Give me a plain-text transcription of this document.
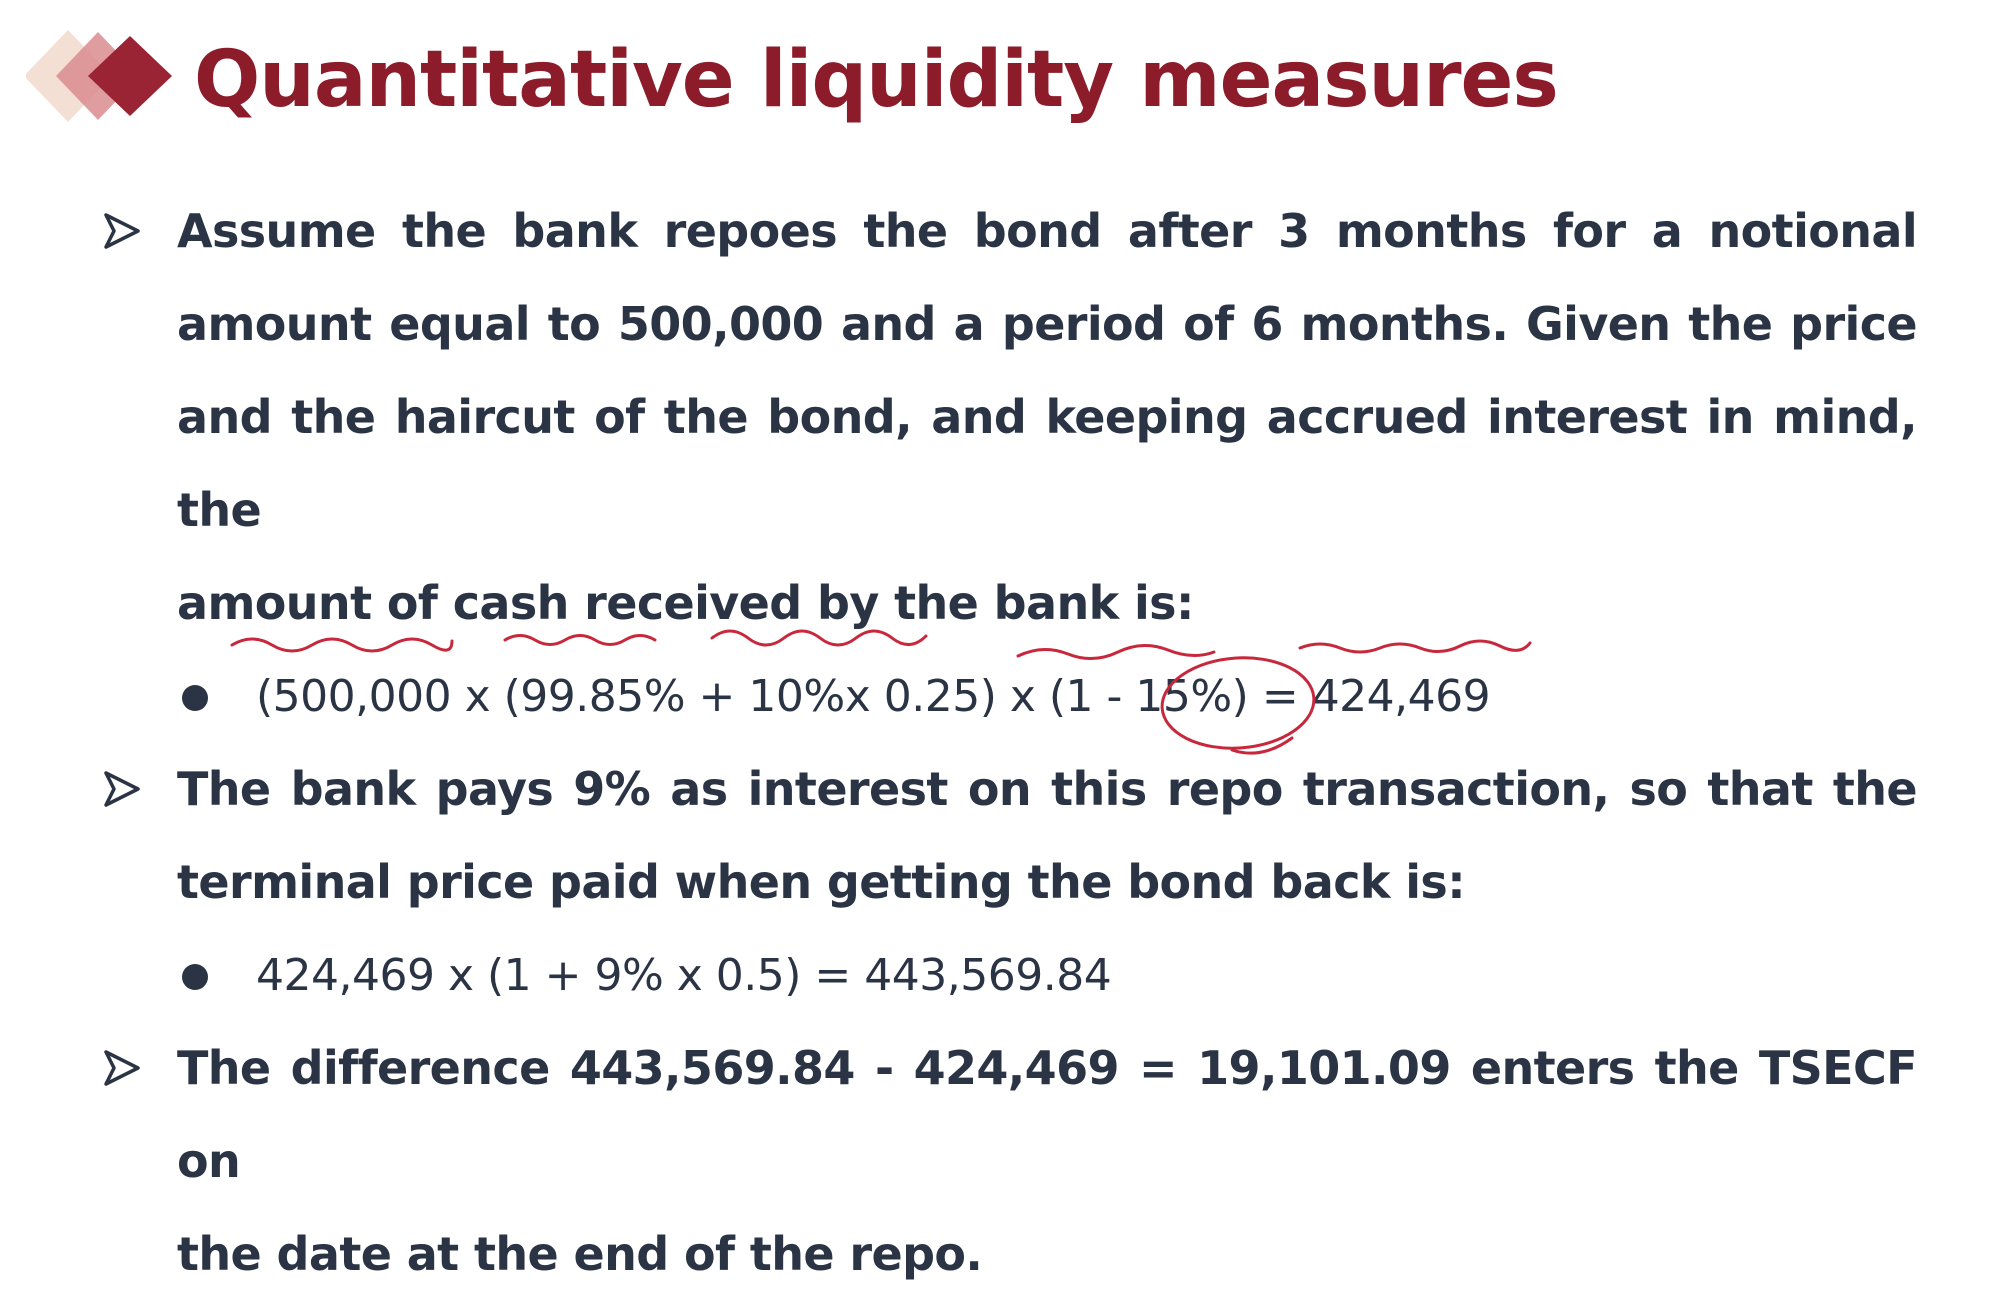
Quantitative liquidity measures
Assume the bank repoes the bond after 3 months for a notional
amount equal to 500,000 and a period of 6 months. Given the price
and the haircut of the bond, and keeping accrued interest in mind, the
amount of cash received by the bank is:
(500,000 x (99.85% + 10%x 0.25) x (1 - 15%) = 424,469
The bank pays 9% as interest on this repo transaction, so that the
terminal price paid when getting the bond back is:
424,469 x (1 + 9% x 0.5) = 443,569.84
The difference 443,569.84 - 424,469 = 19,101.09 enters the TSECF on
the date at the end of the repo.
